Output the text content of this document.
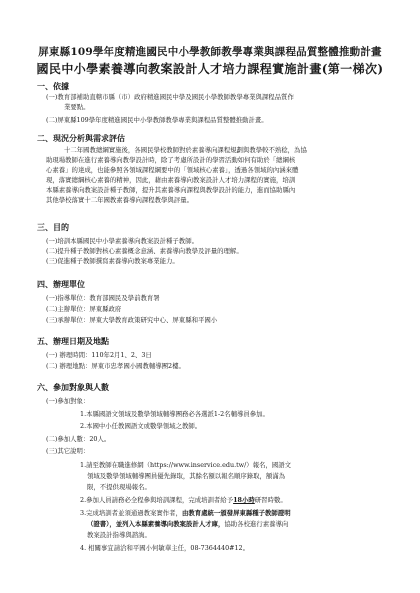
屏東縣109學年度精進國民中小學教師教學專業與課程品質整體推動計畫
國民中小學素養導向教案設計人才培力課程實施計畫(第一梯次)
一、依據
(一)教育部補助直轄市縣（市）政府精進國民中學及國民小學教師教學專業與課程品質作
業要點。
(二)屏東縣109學年度精進國民中小學教師教學專業與課程品質整體推動計畫。
二、現況分析與需求評估
十二年國教總綱實施後，各國民學校教師對於素養導向課程規劃與教學較不熟稔，為協
助現場教師在進行素養導向教學設計時，除了考慮所設計的學習活動如何有助於「總綱核
心素養」的達成，也能參照各領域課程綱要中的「領域核心素養」，透過各領域的內涵來體
現，落實總綱核心素養的精神，因此，藉由素養導向教案設計人才培力課程的實施，培訓
本縣素養導向教案設計種子教師，提升其素養導向課程與教學設計的能力，進而協助縣內
其他學校落實十二年國教素養導向課程教學與評量。
三、目的
(一)培訓本縣國民中小學素養導向教案設計種子教師。
(二)提升種子教師對核心素養概念意涵、素養導向教學及評量的理解。
(三)促進種子教師撰寫素養導向教案專業能力。
四、辦理單位
(一)指導單位：教育部國民及學前教育署
(二)主辦單位：屏東縣政府
(三)承辦單位：屏東大學教育政策研究中心、屏東縣和平國小
五、辦理日期及地點
(一) 辦理時間：110年2月1、2、3日
(二) 辦理地點：屏東市忠孝國小國教輔導團2樓。
六、參加對象與人數
(一)參加對象：
1.本縣國語文領域及數學領域輔導團務必各選派1-2名輔導員參加。
2.本國中小任教國語文或數學領域之教師。
(二)參加人數：20人。
(三)其它說明：
1.請至教師在職進修網（https://www.inservice.edu.tw/）報名，國語文
領域及數學領域輔導團員優先錄取，其餘名額以報名順序錄取，額滿為
限，不提供現場報名。
2.參加人員請務必全程參與培訓課程，完成培訓者給予18小時研習時數。
3.完成培訓者並須通過教案實作者，由教育處統一頒發屏東縣種子教師證明
（證書），並列入本縣素養導向教案設計人才庫，協助各校進行素養導向
教案設計指導與諮詢。
4. 相關事宜請洽和平國小何敏華主任，08-7364440#12。
